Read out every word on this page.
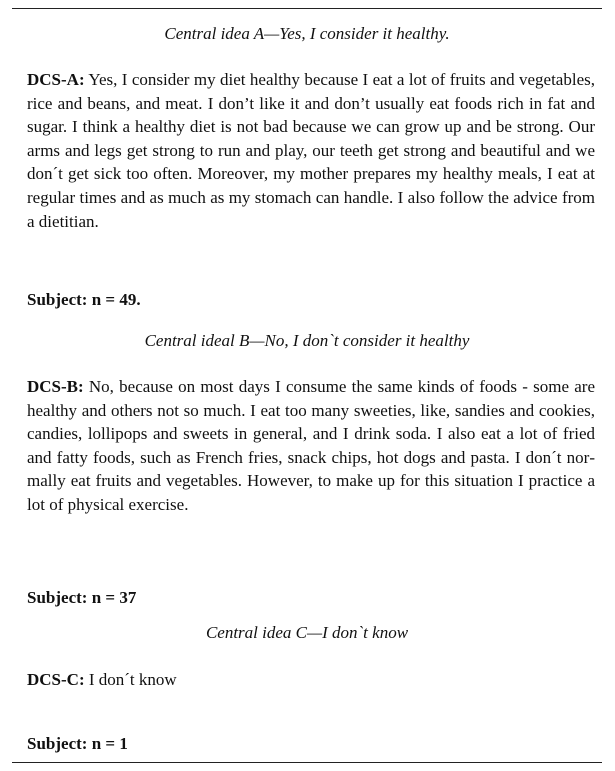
Central idea A—Yes, I consider it healthy.
DCS-A: Yes, I consider my diet healthy because I eat a lot of fruits and vegetables, rice and beans, and meat. I don’t like it and don’t usually eat foods rich in fat and sugar. I think a healthy diet is not bad because we can grow up and be strong. Our arms and legs get strong to run and play, our teeth get strong and beautiful and we don´t get sick too often. Moreover, my mother prepares my healthy meals, I eat at regular times and as much as my stomach can handle. I also follow the advice from a dietitian.
Subject: n = 49.
Central ideal B—No, I don`t consider it healthy
DCS-B: No, because on most days I consume the same kinds of foods - some are healthy and others not so much. I eat too many sweeties, like, sandies and cookies, candies, lollipops and sweets in general, and I drink soda. I also eat a lot of fried and fatty foods, such as French fries, snack chips, hot dogs and pasta. I don´t normally eat fruits and vegetables. However, to make up for this situation I practice a lot of physical exercise.
Subject: n = 37
Central idea C—I don`t know
DCS-C: I don´t know
Subject: n = 1
